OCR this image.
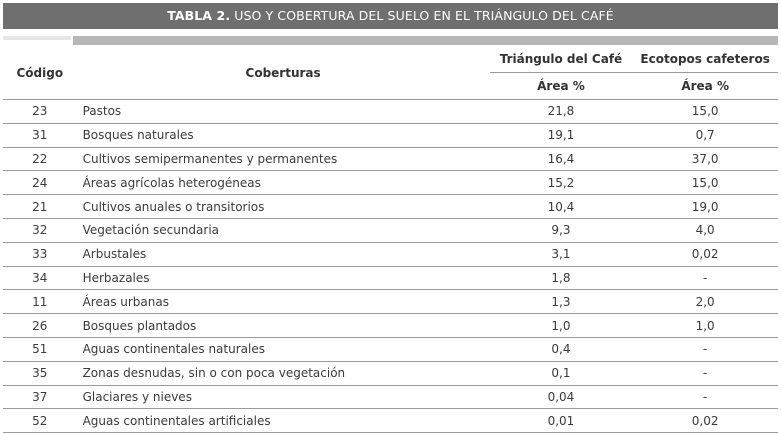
TABLA 2. USO Y COBERTURA DEL SUELO EN EL TRIÁNGULO DEL CAFÉ
Código	Coberturas	Triángulo del Café	Ecotopos cafeteros
		Área %	Área %
23	Pastos	21,8	15,0
31	Bosques naturales	19,1	0,7
22	Cultivos semipermanentes y permanentes	16,4	37,0
24	Áreas agrícolas heterogéneas	15,2	15,0
21	Cultivos anuales o transitorios	10,4	19,0
32	Vegetación secundaria	9,3	4,0
33	Arbustales	3,1	0,02
34	Herbazales	1,8	-
11	Áreas urbanas	1,3	2,0
26	Bosques plantados	1,0	1,0
51	Aguas continentales naturales	0,4	-
35	Zonas desnudas, sin o con poca vegetación	0,1	-
37	Glaciares y nieves	0,04	-
52	Aguas continentales artificiales	0,01	0,02
